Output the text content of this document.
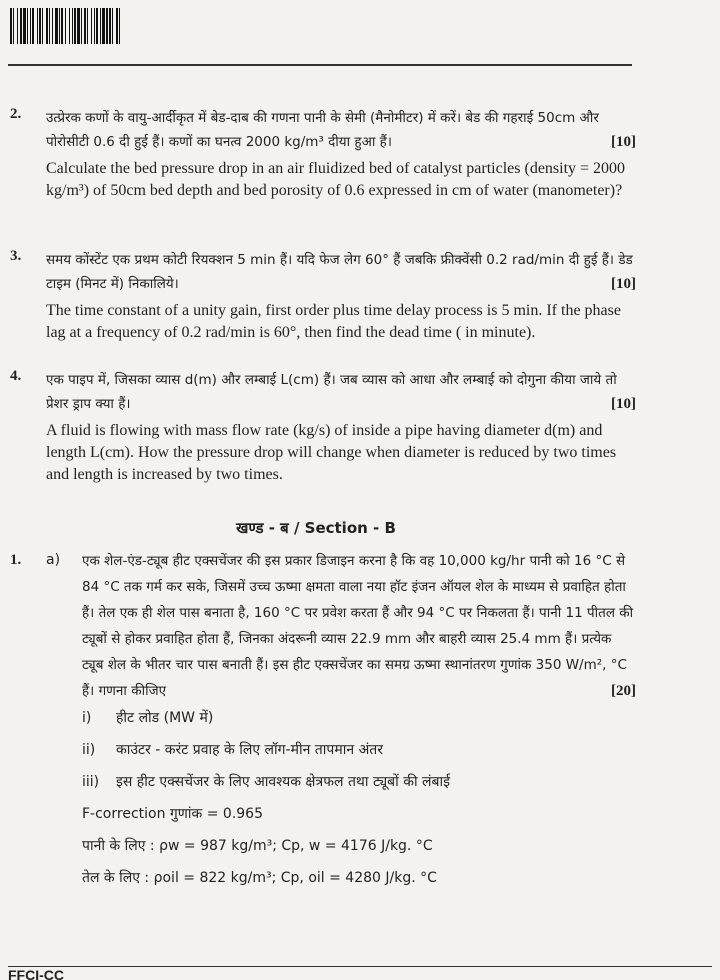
2. उत्प्रेरक कणों के वायु-आर्दीकृत में बेड-दाब की गणना पानी के सेमी (मैनोमीटर) में करें। बेड की गहराई 50cm और पोरोसीटी 0.6 दी हुई हैं। कणों का घनत्व 2000 kg/m³ दीया हुआ हैं।	[10]
Calculate the bed pressure drop in an air fluidized bed of catalyst particles (density = 2000 kg/m³) of 50cm bed depth and bed porosity of 0.6 expressed in cm of water (manometer)?
3. समय कोंस्टेंट एक प्रथम कोटी रियक्शन 5 min हैं। यदि फेज लेग 60° हैं जबकि फ्रीक्वेंसी 0.2 rad/min दी हुई हैं। डेड टाइम (मिनट में) निकालिये।	[10]
The time constant of a unity gain, first order plus time delay process is 5 min. If the phase lag at a frequency of 0.2 rad/min is 60°, then find the dead time ( in minute).
4. एक पाइप में, जिसका व्यास d(m) और लम्बाई L(cm) हैं। जब व्यास को आधा और लम्बाई को दोगुना कीया जाये तो प्रेशर ड्राप क्या हैं।	[10]
A fluid is flowing with mass flow rate (kg/s) of inside a pipe having diameter d(m) and length L(cm). How the pressure drop will change when diameter is reduced by two times and length is increased by two times.
खण्ड - ब / Section - B
1. a) एक शेल-एंड-ट्यूब हीट एक्सचेंजर की इस प्रकार डिजाइन करना है कि वह 10,000 kg/hr पानी को 16 °C से 84 °C तक गर्म कर सके, जिसमें उच्च ऊष्मा क्षमता वाला नया हॉट इंजन ऑयल शेल के माध्यम से प्रवाहित होता हैं। तेल एक ही शेल पास बनाता है, 160 °C पर प्रवेश करता हैं और 94 °C पर निकलता हैं। पानी 11 पीतल की ट्यूबों से होकर प्रवाहित होता हैं, जिनका अंदरूनी व्यास 22.9 mm और बाहरी व्यास 25.4 mm हैं। प्रत्येक ट्यूब शेल के भीतर चार पास बनाती हैं। इस हीट एक्सचेंजर का समग्र ऊष्मा स्थानांतरण गुणांक 350 W/m², °C हैं। गणना कीजिए	[20]
i) हीट लोड (MW में)
ii) काउंटर - करंट प्रवाह के लिए लॉग-मीन तापमान अंतर
iii) इस हीट एक्सचेंजर के लिए आवश्यक क्षेत्रफल तथा ट्यूबों की लंबाई
F-correction गुणांक = 0.965
पानी के लिए : ρw = 987 kg/m³; Cp, w = 4176 J/kg. °C
तेल के लिए : ρoil = 822 kg/m³; Cp, oil = 4280 J/kg. °C
FFCI-CC
